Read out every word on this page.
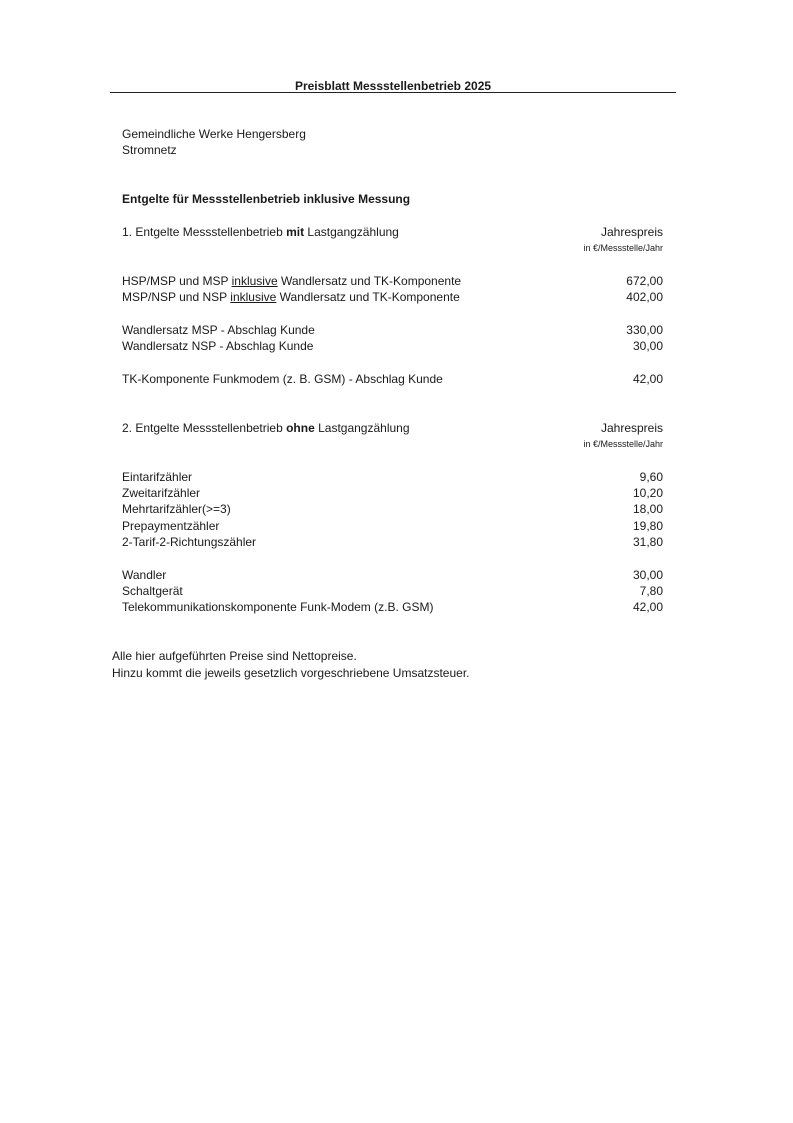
Preisblatt Messstellenbetrieb 2025
Gemeindliche Werke Hengersberg
Stromnetz
Entgelte für Messstellenbetrieb inklusive Messung
1. Entgelte Messstellenbetrieb mit Lastgangzählung	Jahrespreis
in €/Messstelle/Jahr
HSP/MSP und MSP inklusive Wandlersatz und TK-Komponente	672,00
MSP/NSP und NSP inklusive Wandlersatz und TK-Komponente	402,00
Wandlersatz MSP - Abschlag Kunde	330,00
Wandlersatz NSP - Abschlag Kunde	30,00
TK-Komponente Funkmodem (z. B. GSM) - Abschlag Kunde	42,00
2. Entgelte Messstellenbetrieb ohne Lastgangzählung	Jahrespreis
in €/Messstelle/Jahr
Eintarifzähler	9,60
Zweitarifzähler	10,20
Mehrtarifzähler(>=3)	18,00
Prepaymentzähler	19,80
2-Tarif-2-Richtungszähler	31,80
Wandler	30,00
Schaltgerät	7,80
Telekommunikationskomponente Funk-Modem (z.B. GSM)	42,00
Alle hier aufgeführten Preise sind Nettopreise.
Hinzu kommt die jeweils gesetzlich vorgeschriebene Umsatzsteuer.
